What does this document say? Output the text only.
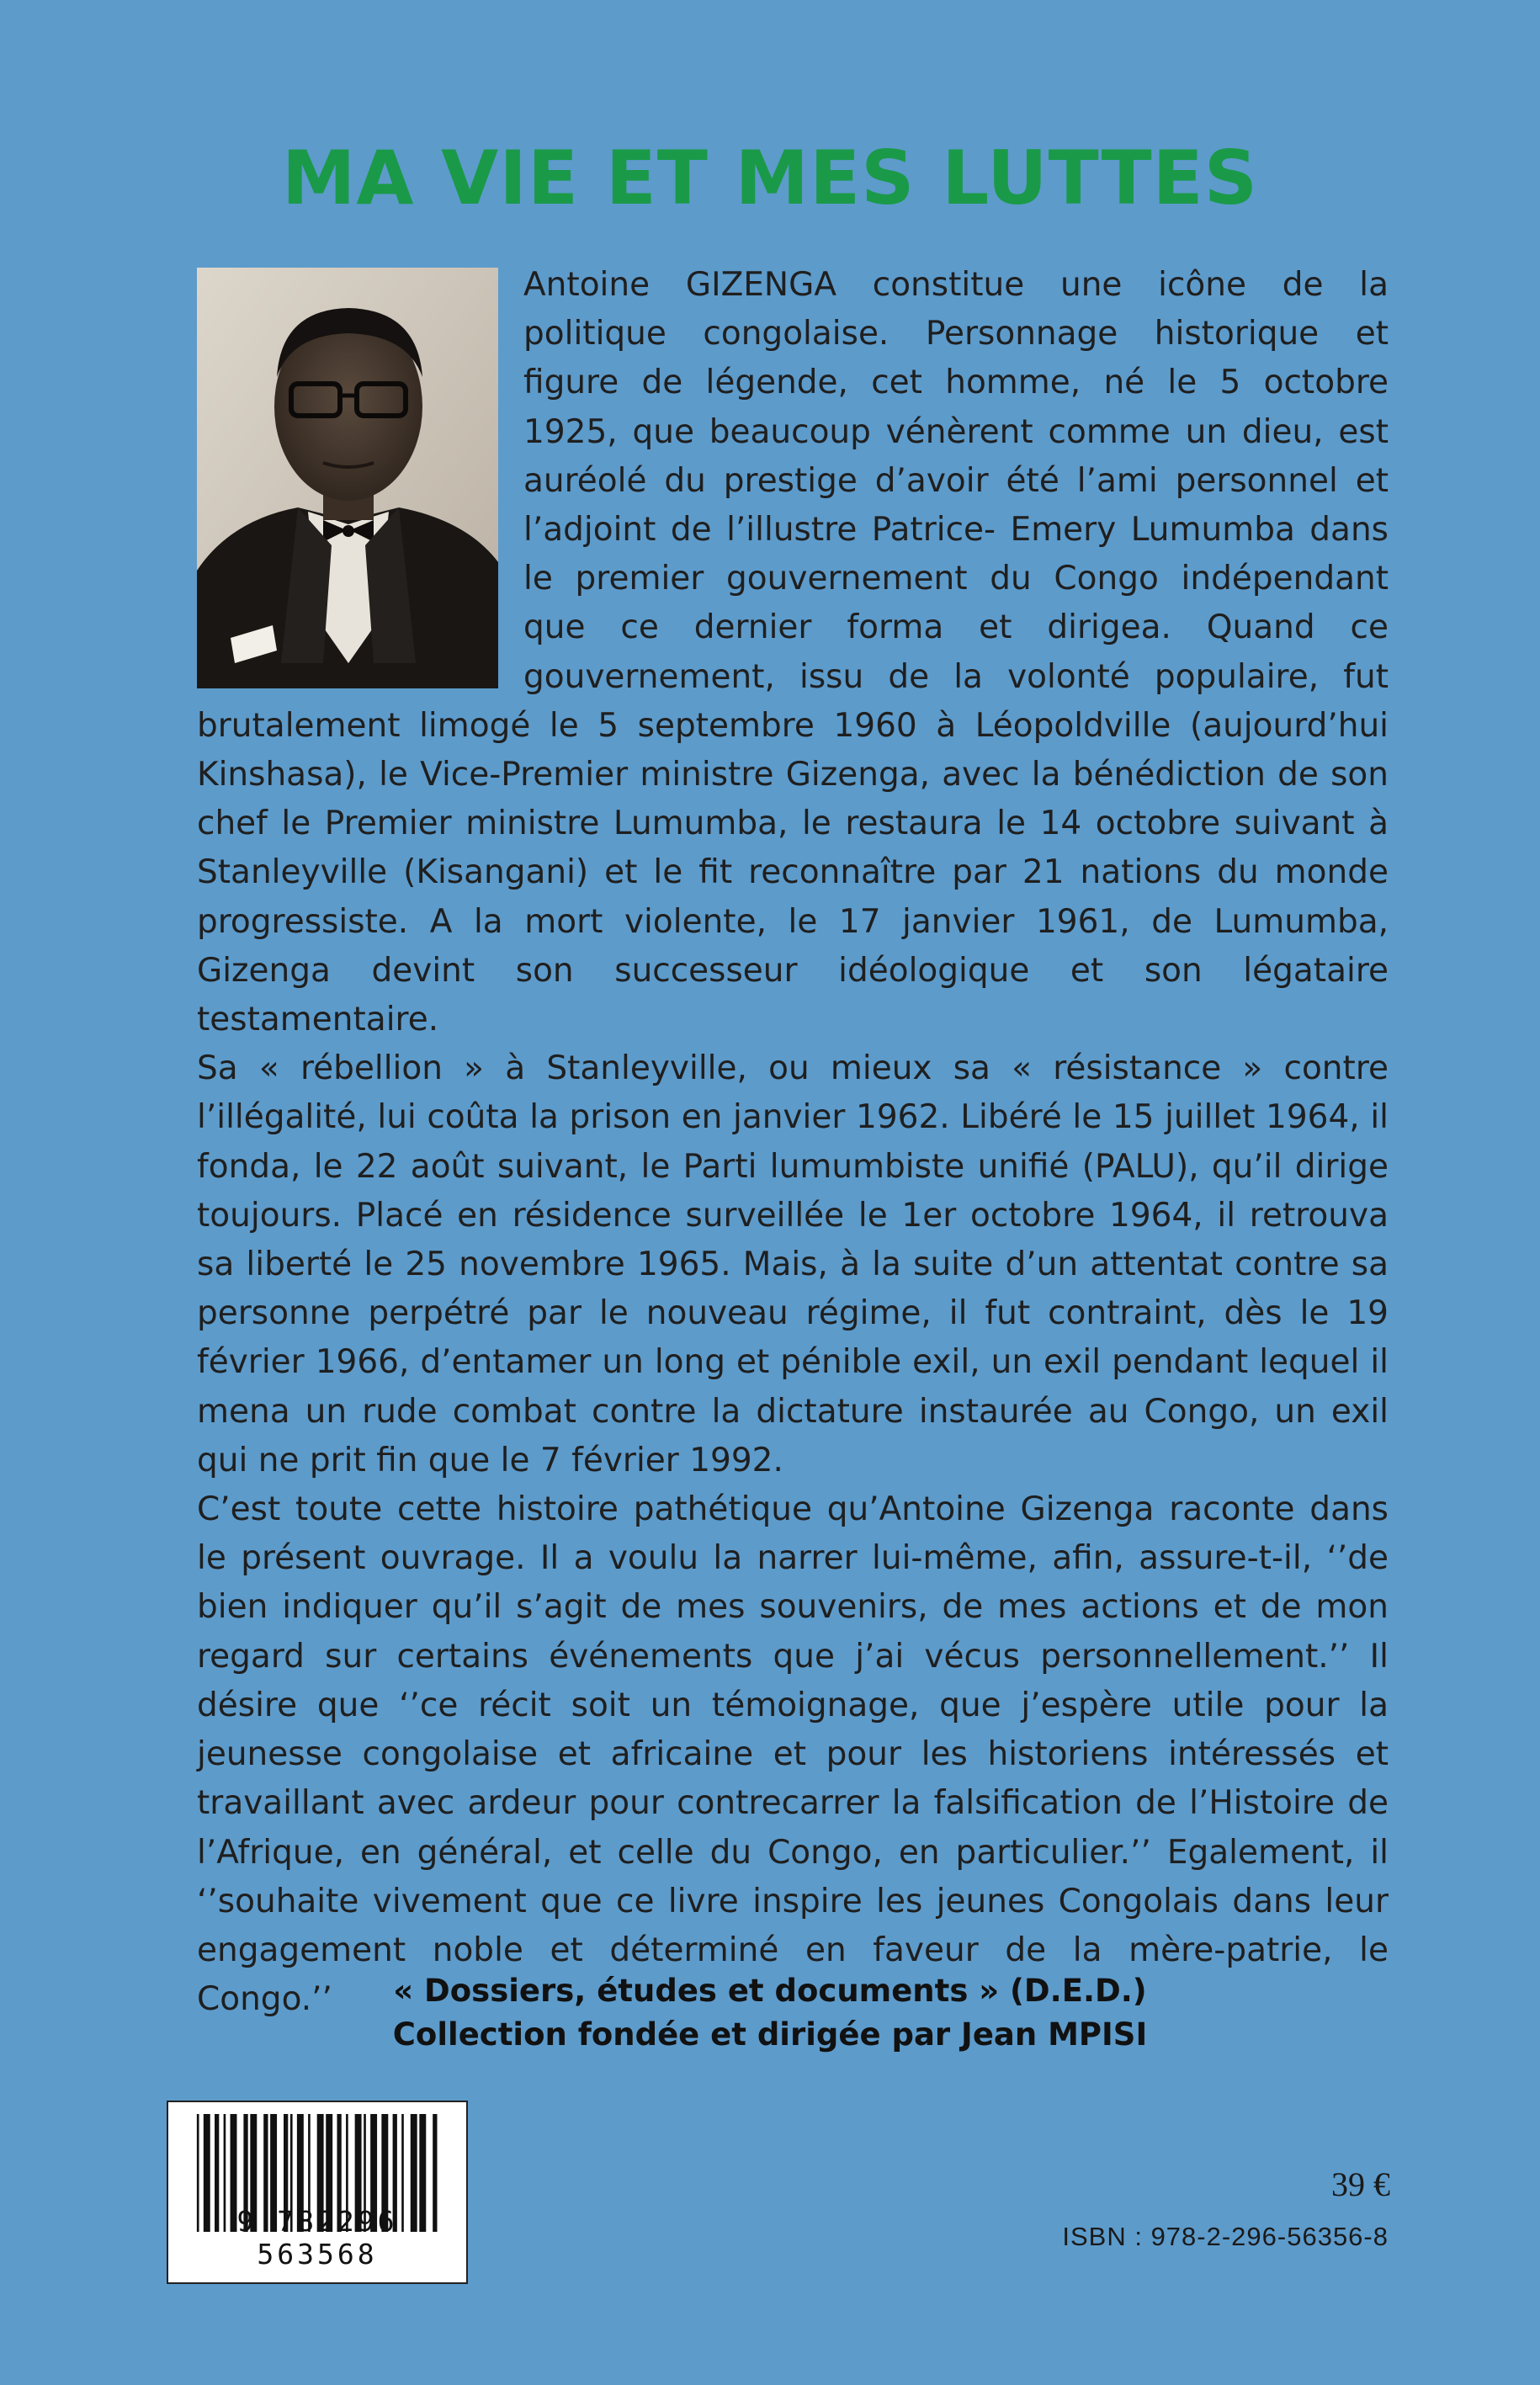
MA VIE ET MES LUTTES

Antoine GIZENGA constitue une icône de la politique congolaise. Personnage historique et figure de légende, cet homme, né le 5 octobre 1925, que beaucoup vénèrent comme un dieu, est auréolé du prestige d’avoir été l’ami personnel et l’adjoint de l’illustre Patrice- Emery Lumumba dans le premier gouvernement du Congo indépendant que ce dernier forma et dirigea. Quand ce gouvernement, issu de la volonté populaire, fut brutalement limogé le 5 septembre 1960 à Léopoldville (aujourd’hui Kinshasa), le Vice-Premier ministre Gizenga, avec la bénédiction de son chef le Premier ministre Lumumba, le restaura le 14 octobre suivant à Stanleyville (Kisangani) et le fit reconnaître par 21 nations du monde progressiste. A la mort violente, le 17 janvier 1961, de Lumumba, Gizenga devint son successeur idéologique et son légataire testamentaire.

Sa « rébellion » à Stanleyville, ou mieux sa « résistance » contre l’illégalité, lui coûta la prison en janvier 1962. Libéré le 15 juillet 1964, il fonda, le 22 août suivant, le Parti lumumbiste unifié (PALU), qu’il dirige toujours. Placé en résidence surveillée le 1er octobre 1964, il retrouva sa liberté le 25 novembre 1965. Mais, à la suite d’un attentat contre sa personne perpétré par le nouveau régime, il fut contraint, dès le 19 février 1966, d’entamer un long et pénible exil, un exil pendant lequel il mena un rude combat contre la dictature instaurée au Congo, un exil qui ne prit fin que le 7 février 1992.

C’est toute cette histoire pathétique qu’Antoine Gizenga raconte dans le présent ouvrage. Il a voulu la narrer lui-même, afin, assure-t-il, ‘’de bien indiquer qu’il s’agit de mes souvenirs, de mes actions et de mon regard sur certains événements que j’ai vécus personnellement.’’ Il désire que ‘’ce récit soit un témoignage, que j’espère utile pour la jeunesse congolaise et africaine et pour les historiens intéressés et travaillant avec ardeur pour contrecarrer la falsification de l’Histoire de l’Afrique, en général, et celle du Congo, en particulier.’’ Egalement, il ‘’souhaite vivement que ce livre inspire les jeunes Congolais dans leur engagement noble et déterminé en faveur de la mère-patrie, le Congo.’’	« Dossiers, études et documents » (D.E.D.)
Collection fondée et dirigée par Jean MPISI
9 782296 563568
39 €
ISBN : 978-2-296-56356-8
